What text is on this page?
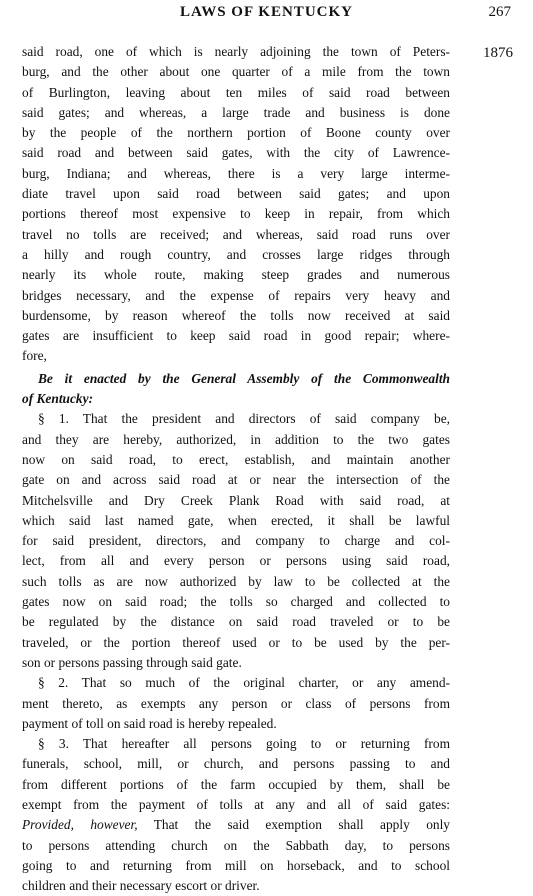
LAWS OF KENTUCKY	267
1876
said road, one of which is nearly adjoining the town of Peters-
burg, and the other about one quarter of a mile from the town
of Burlington, leaving about ten miles of said road between
said gates; and whereas, a large trade and business is done
by the people of the northern portion of Boone county over
said road and between said gates, with the city of Lawrence-
burg, Indiana; and whereas, there is a very large interme-
diate travel upon said road between said gates; and upon
portions thereof most expensive to keep in repair, from which
travel no tolls are received; and whereas, said road runs over
a hilly and rough country, and crosses large ridges through
nearly its whole route, making steep grades and numerous
bridges necessary, and the expense of repairs very heavy and
burdensome, by reason whereof the tolls now received at said
gates are insufficient to keep said road in good repair; where-
fore,
Be it enacted by the General Assembly of the Commonwealth
of Kentucky:
§ 1. That the president and directors of said company be,
and they are hereby, authorized, in addition to the two gates
now on said road, to erect, establish, and maintain another
gate on and across said road at or near the intersection of the
Mitchelsville and Dry Creek Plank Road with said road, at
which said last named gate, when erected, it shall be lawful
for said president, directors, and company to charge and col-
lect, from all and every person or persons using said road,
such tolls as are now authorized by law to be collected at the
gates now on said road; the tolls so charged and collected to
be regulated by the distance on said road traveled or to be
traveled, or the portion thereof used or to be used by the per-
son or persons passing through said gate.
§ 2. That so much of the original charter, or any amend-
ment thereto, as exempts any person or class of persons from
payment of toll on said road is hereby repealed.
§ 3. That hereafter all persons going to or returning from
funerals, school, mill, or church, and persons passing to and
from different portions of the farm occupied by them, shall be
exempt from the payment of tolls at any and all of said gates:
Provided, however, That the said exemption shall apply only
to persons attending church on the Sabbath day, to persons
going to and returning from mill on horseback, and to school
children and their necessary escort or driver.
